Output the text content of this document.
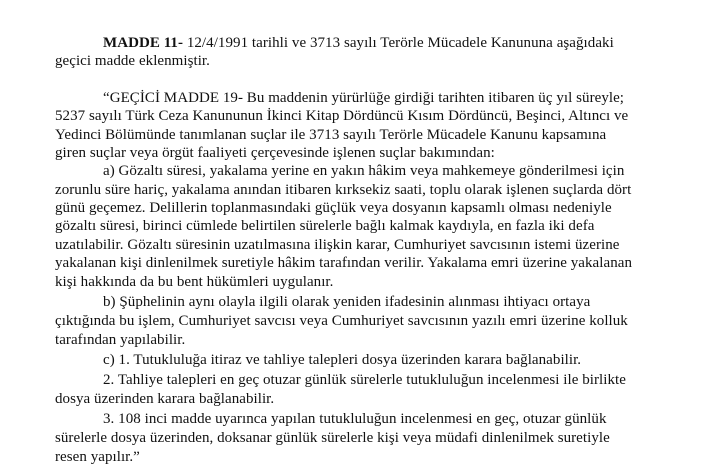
MADDE 11- 12/4/1991 tarihli ve 3713 sayılı Terörle Mücadele Kanununa aşağıdaki
geçici madde eklenmiştir.
“GEÇİCİ MADDE 19- Bu maddenin yürürlüğe girdiği tarihten itibaren üç yıl süreyle;
5237 sayılı Türk Ceza Kanununun İkinci Kitap Dördüncü Kısım Dördüncü, Beşinci, Altıncı ve
Yedinci Bölümünde tanımlanan suçlar ile 3713 sayılı Terörle Mücadele Kanunu kapsamına
giren suçlar veya örgüt faaliyeti çerçevesinde işlenen suçlar bakımından:
a) Gözaltı süresi, yakalama yerine en yakın hâkim veya mahkemeye gönderilmesi için
zorunlu süre hariç, yakalama anından itibaren kırksekiz saati, toplu olarak işlenen suçlarda dört
günü geçemez. Delillerin toplanmasındaki güçlük veya dosyanın kapsamlı olması nedeniyle
gözaltı süresi, birinci cümlede belirtilen sürelerle bağlı kalmak kaydıyla, en fazla iki defa
uzatılabilir. Gözaltı süresinin uzatılmasına ilişkin karar, Cumhuriyet savcısının istemi üzerine
yakalanan kişi dinlenilmek suretiyle hâkim tarafından verilir. Yakalama emri üzerine yakalanan
kişi hakkında da bu bent hükümleri uygulanır.
b) Şüphelinin aynı olayla ilgili olarak yeniden ifadesinin alınması ihtiyacı ortaya
çıktığında bu işlem, Cumhuriyet savcısı veya Cumhuriyet savcısının yazılı emri üzerine kolluk
tarafından yapılabilir.
c) 1. Tutukluluğa itiraz ve tahliye talepleri dosya üzerinden karara bağlanabilir.
2. Tahliye talepleri en geç otuzar günlük sürelerle tutukluluğun incelenmesi ile birlikte
dosya üzerinden karara bağlanabilir.
3. 108 inci madde uyarınca yapılan tutukluluğun incelenmesi en geç, otuzar günlük
sürelerle dosya üzerinden, doksanar günlük sürelerle kişi veya müdafi dinlenilmek suretiyle
resen yapılır.”
